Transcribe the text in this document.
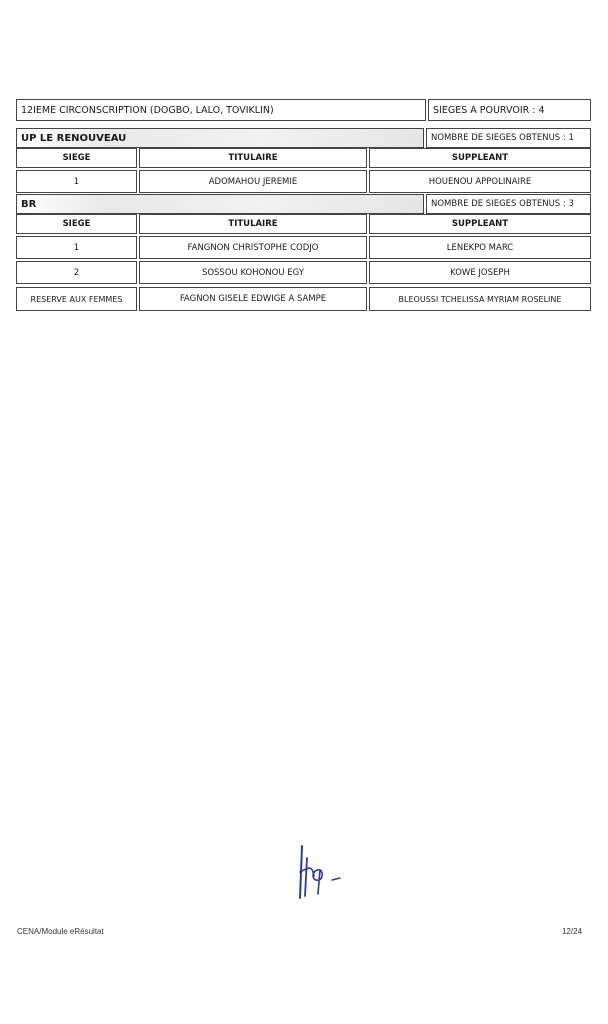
12IEME CIRCONSCRIPTION (DOGBO, LALO, TOVIKLIN)	SIEGES A POURVOIR : 4
UP LE RENOUVEAU	NOMBRE DE SIEGES OBTENUS : 1
SIEGE	TITULAIRE	SUPPLEANT
1	ADOMAHOU JEREMIE	HOUENOU APPOLINAIRE
BR	NOMBRE DE SIEGES OBTENUS : 3
SIEGE	TITULAIRE	SUPPLEANT
1	FANGNON CHRISTOPHE CODJO	LENEKPO MARC
2	SOSSOU KOHONOU EGY	KOWE JOSEPH
RESERVE AUX FEMMES	FAGNON GISELE EDWIGE A SAMPE	BLEOUSSI TCHELISSA MYRIAM ROSELINE
CENA/Module eRésultat	12/24
